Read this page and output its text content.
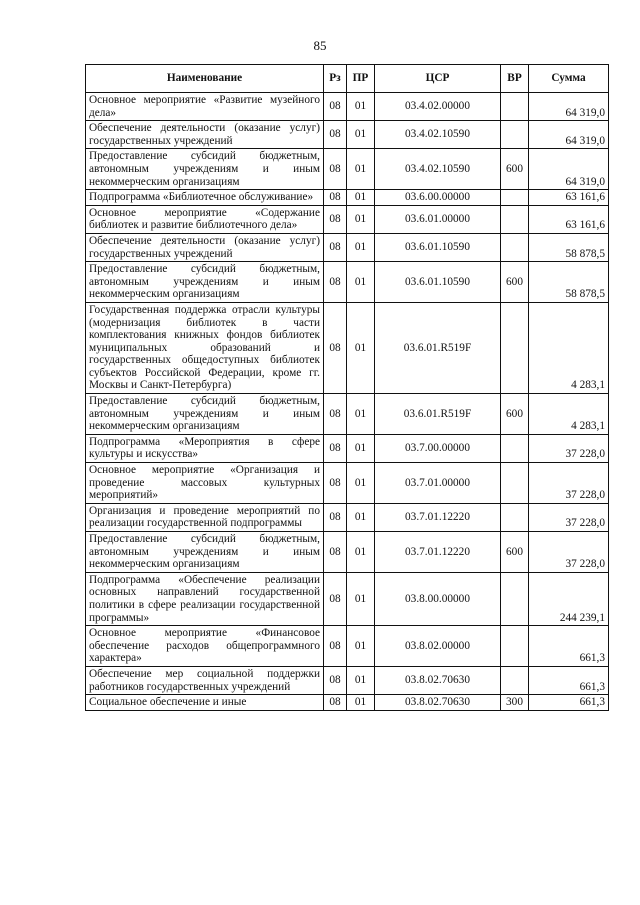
85
Наименование	Рз	ПР	ЦСР	ВР	Сумма
Основное мероприятие «Развитие музейного дела»	08	01	03.4.02.00000		64 319,0
Обеспечение деятельности (оказание услуг) государственных учреждений	08	01	03.4.02.10590		64 319,0
Предоставление субсидий бюджетным, автономным учреждениям и иным некоммерческим организациям	08	01	03.4.02.10590	600	64 319,0
Подпрограмма «Библиотечное обслуживание»	08	01	03.6.00.00000		63 161,6
Основное мероприятие «Содержание библиотек и развитие библиотечного дела»	08	01	03.6.01.00000		63 161,6
Обеспечение деятельности (оказание услуг) государственных учреждений	08	01	03.6.01.10590		58 878,5
Предоставление субсидий бюджетным, автономным учреждениям и иным некоммерческим организациям	08	01	03.6.01.10590	600	58 878,5
Государственная поддержка отрасли культуры (модернизация библиотек в части комплектования книжных фондов библиотек муниципальных образований и государственных общедоступных библиотек субъектов Российской Федерации, кроме гг. Москвы и Санкт-Петербурга)	08	01	03.6.01.R519F		4 283,1
Предоставление субсидий бюджетным, автономным учреждениям и иным некоммерческим организациям	08	01	03.6.01.R519F	600	4 283,1
Подпрограмма «Мероприятия в сфере культуры и искусства»	08	01	03.7.00.00000		37 228,0
Основное мероприятие «Организация и проведение массовых культурных мероприятий»	08	01	03.7.01.00000		37 228,0
Организация и проведение мероприятий по реализации государственной подпрограммы	08	01	03.7.01.12220		37 228,0
Предоставление субсидий бюджетным, автономным учреждениям и иным некоммерческим организациям	08	01	03.7.01.12220	600	37 228,0
Подпрограмма «Обеспечение реализации основных направлений государственной политики в сфере реализации государственной программы»	08	01	03.8.00.00000		244 239,1
Основное мероприятие «Финансовое обеспечение расходов общепрограммного характера»	08	01	03.8.02.00000		661,3
Обеспечение мер социальной поддержки работников государственных учреждений	08	01	03.8.02.70630		661,3
Социальное обеспечение и иные	08	01	03.8.02.70630	300	661,3
